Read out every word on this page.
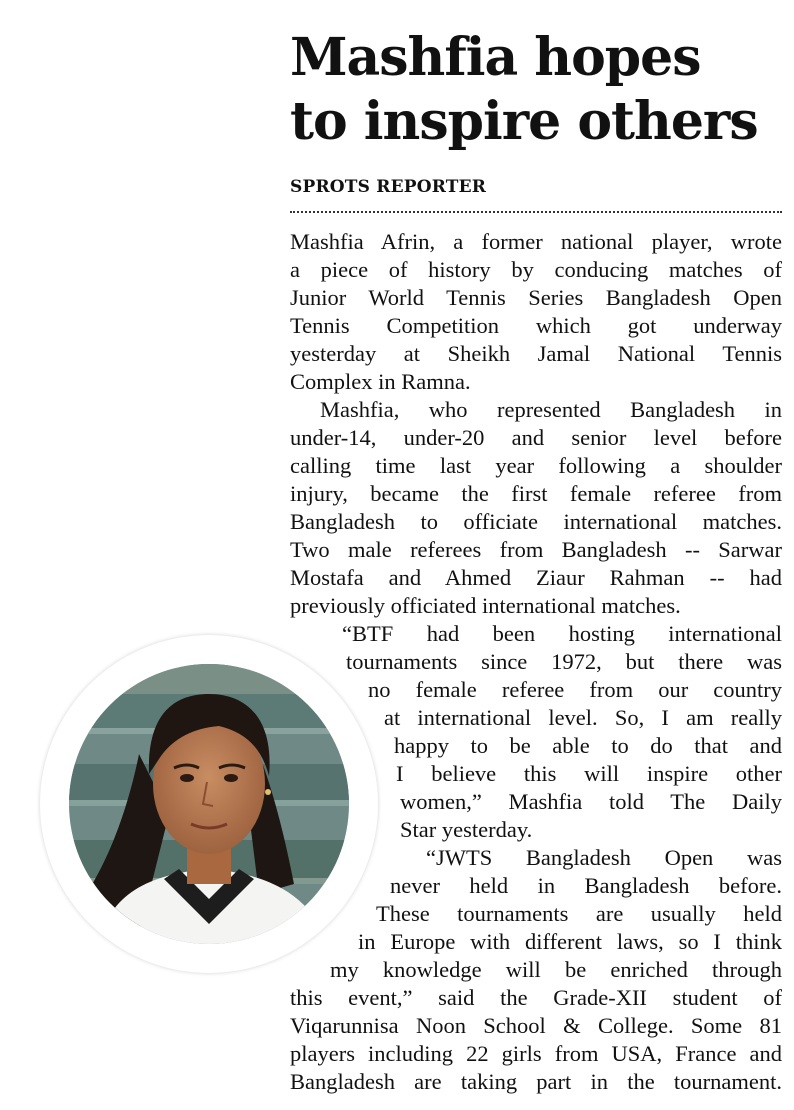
Mashfia hopes
to inspire others
SPROTS REPORTER
Mashfia Afrin, a former national player, wrote
a piece of history by conducing matches of
Junior World Tennis Series Bangladesh Open
Tennis Competition which got underway
yesterday at Sheikh Jamal National Tennis
Complex in Ramna.
Mashfia, who represented Bangladesh in
under-14, under-20 and senior level before
calling time last year following a shoulder
injury, became the first female referee from
Bangladesh to officiate international matches.
Two male referees from Bangladesh -- Sarwar
Mostafa and Ahmed Ziaur Rahman -- had
previously officiated international matches.
“BTF had been hosting international
tournaments since 1972, but there was
no female referee from our country
at international level. So, I am really
happy to be able to do that and
I believe this will inspire other
women,” Mashfia told The Daily
Star yesterday.
“JWTS Bangladesh Open was
never held in Bangladesh before.
These tournaments are usually held
in Europe with different laws, so I think
my knowledge will be enriched through
this event,” said the Grade-XII student of
Viqarunnisa Noon School & College. Some 81
players including 22 girls from USA, France and
Bangladesh are taking part in the tournament.
